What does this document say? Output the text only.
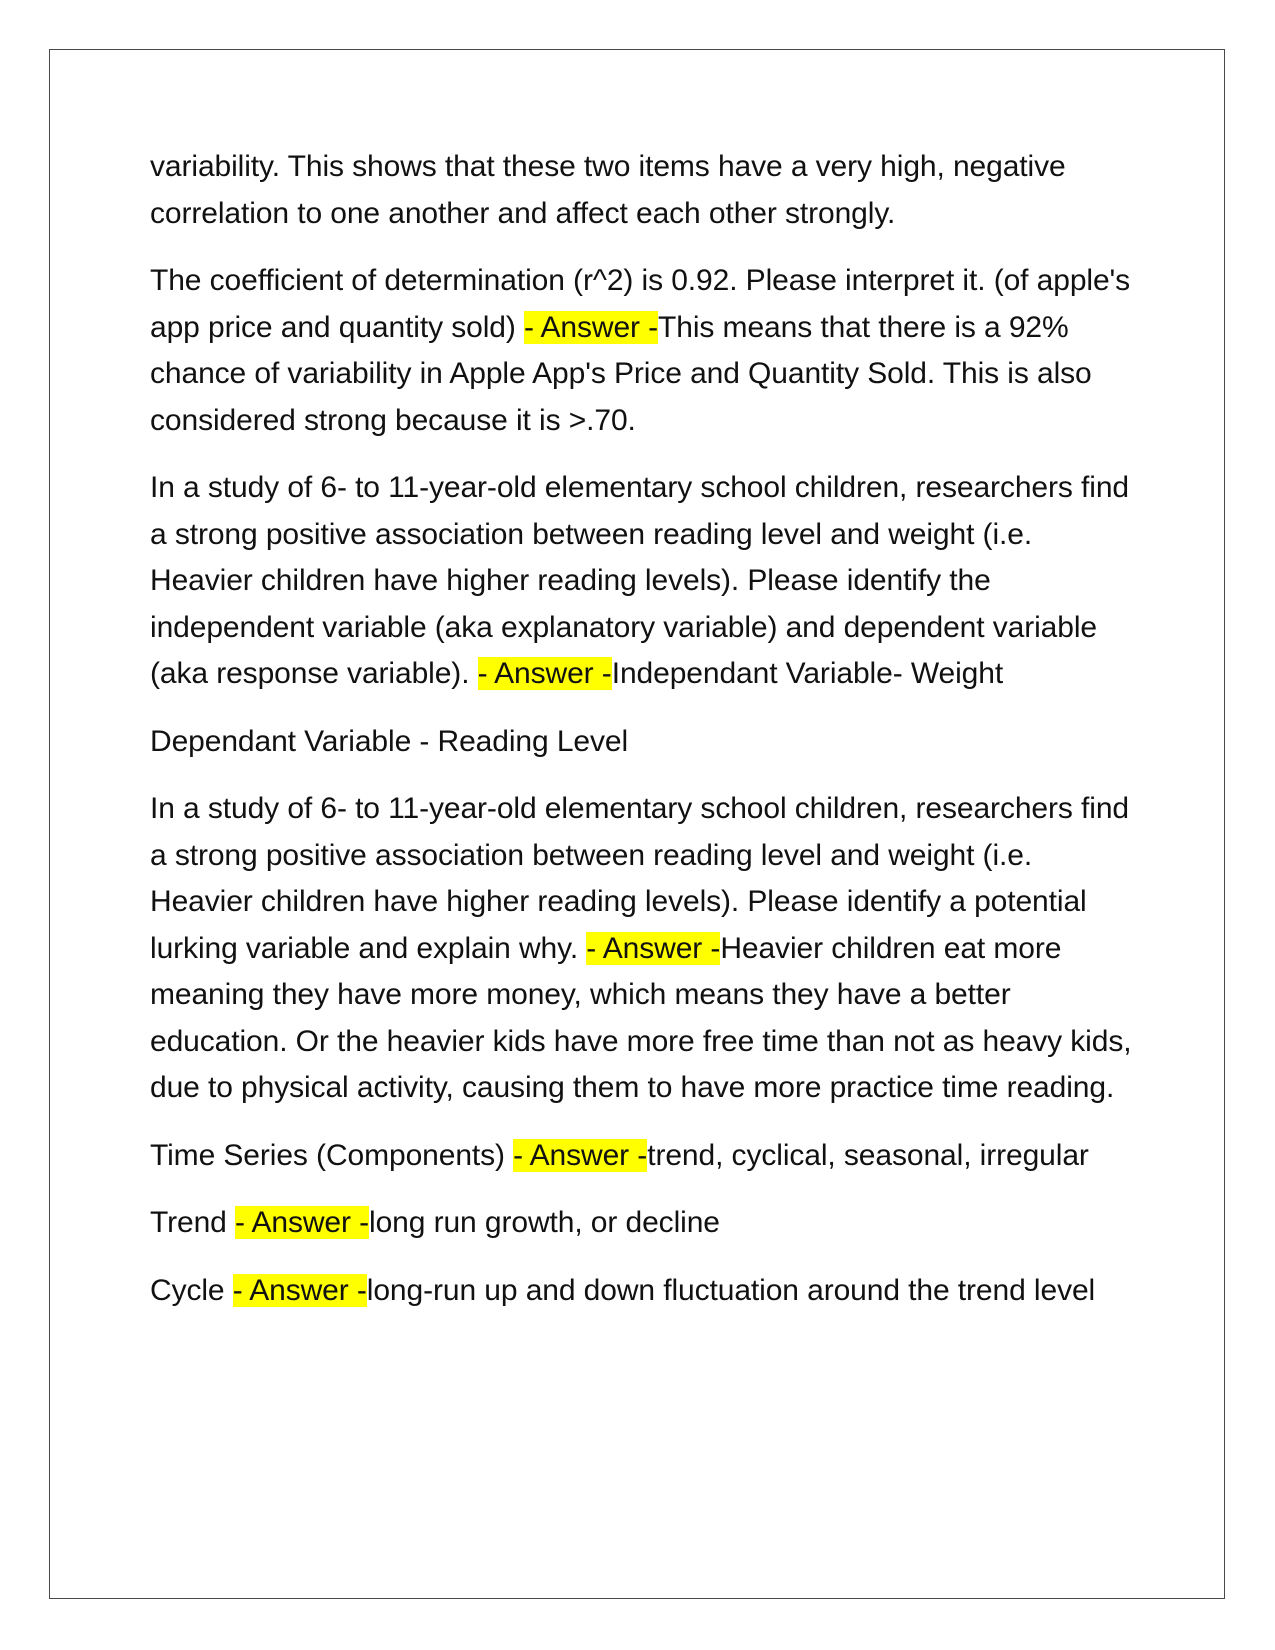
variability. This shows that these two items have a very high, negative correlation to one another and affect each other strongly.

The coefficient of determination (r^2) is 0.92. Please interpret it. (of apple's app price and quantity sold) - Answer -This means that there is a 92% chance of variability in Apple App's Price and Quantity Sold. This is also considered strong because it is >.70.

In a study of 6- to 11-year-old elementary school children, researchers find a strong positive association between reading level and weight (i.e. Heavier children have higher reading levels). Please identify the independent variable (aka explanatory variable) and dependent variable (aka response variable). - Answer -Independant Variable- Weight

Dependant Variable - Reading Level

In a study of 6- to 11-year-old elementary school children, researchers find a strong positive association between reading level and weight (i.e. Heavier children have higher reading levels). Please identify a potential lurking variable and explain why. - Answer -Heavier children eat more meaning they have more money, which means they have a better education. Or the heavier kids have more free time than not as heavy kids, due to physical activity, causing them to have more practice time reading.

Time Series (Components) - Answer -trend, cyclical, seasonal, irregular

Trend - Answer -long run growth, or decline

Cycle - Answer -long-run up and down fluctuation around the trend level
